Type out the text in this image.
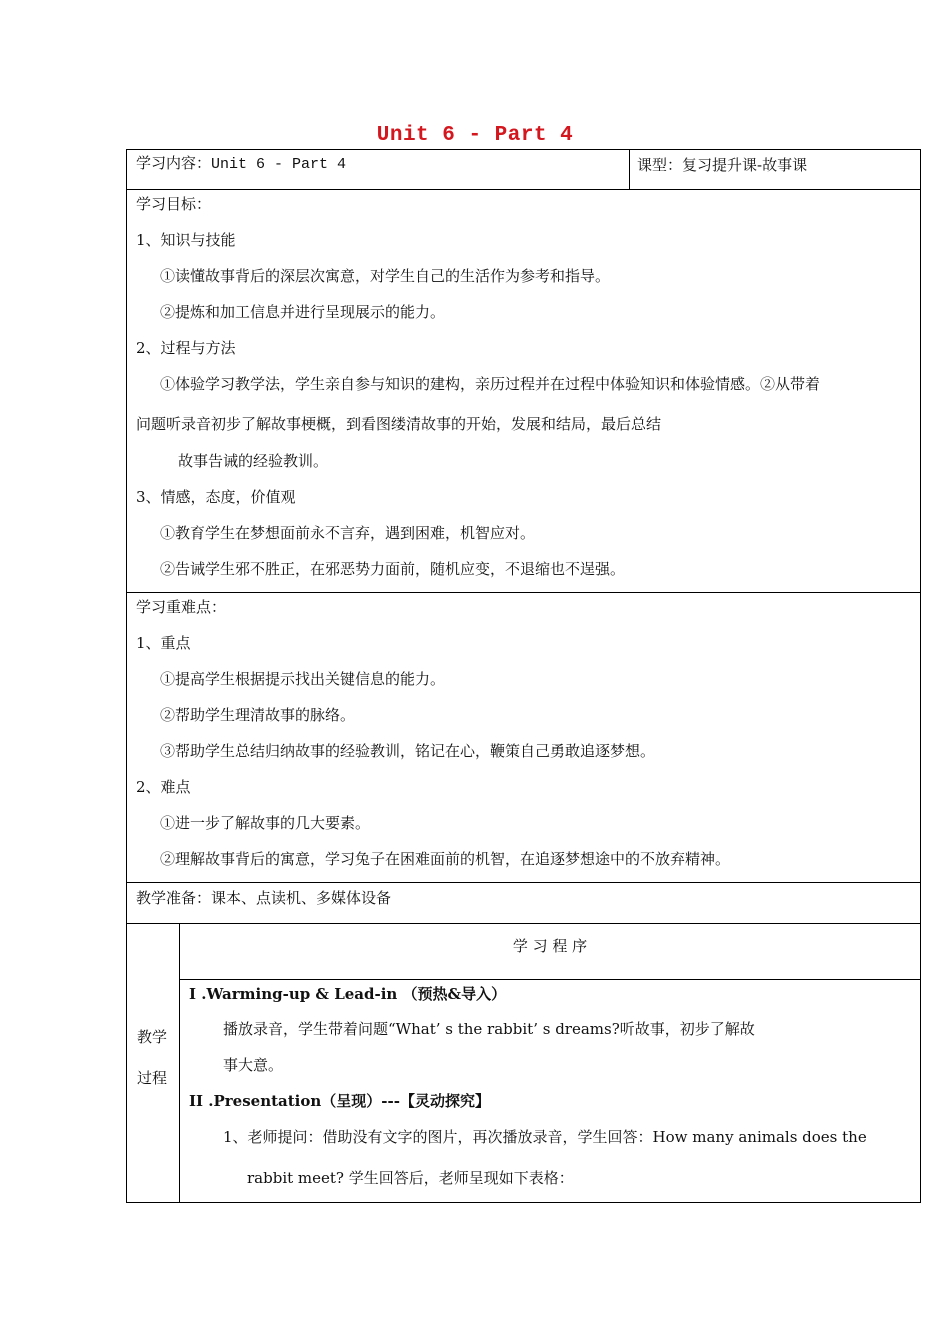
Unit 6 - Part 4
学习内容：Unit 6 - Part 4	课型：复习提升课-故事课
学习目标：
1、知识与技能
①读懂故事背后的深层次寓意，对学生自己的生活作为参考和指导。
②提炼和加工信息并进行呈现展示的能力。
2、过程与方法
①体验学习教学法，学生亲自参与知识的建构，亲历过程并在过程中体验知识和体验情感。②从带着
问题听录音初步了解故事梗概，到看图缕清故事的开始，发展和结局，最后总结
故事告诫的经验教训。
3、情感，态度，价值观
①教育学生在梦想面前永不言弃，遇到困难，机智应对。
②告诫学生邪不胜正，在邪恶势力面前，随机应变，不退缩也不逞强。
学习重难点：
1、重点
①提高学生根据提示找出关键信息的能力。
②帮助学生理清故事的脉络。
③帮助学生总结归纳故事的经验教训，铭记在心，鞭策自己勇敢追逐梦想。
2、难点
①进一步了解故事的几大要素。
②理解故事背后的寓意，学习兔子在困难面前的机智，在追逐梦想途中的不放弃精神。
教学准备：课本、点读机、多媒体设备
教学
过程
学 习 程 序
I .Warming-up & Lead-in （预热&导入）
播放录音，学生带着问题“What’ s the rabbit’ s dreams?听故事，初步了解故
事大意。
II .Presentation（呈现）---【灵动探究】
1、老师提问：借助没有文字的图片，再次播放录音，学生回答：How many animals does the
rabbit meet? 学生回答后，老师呈现如下表格：
